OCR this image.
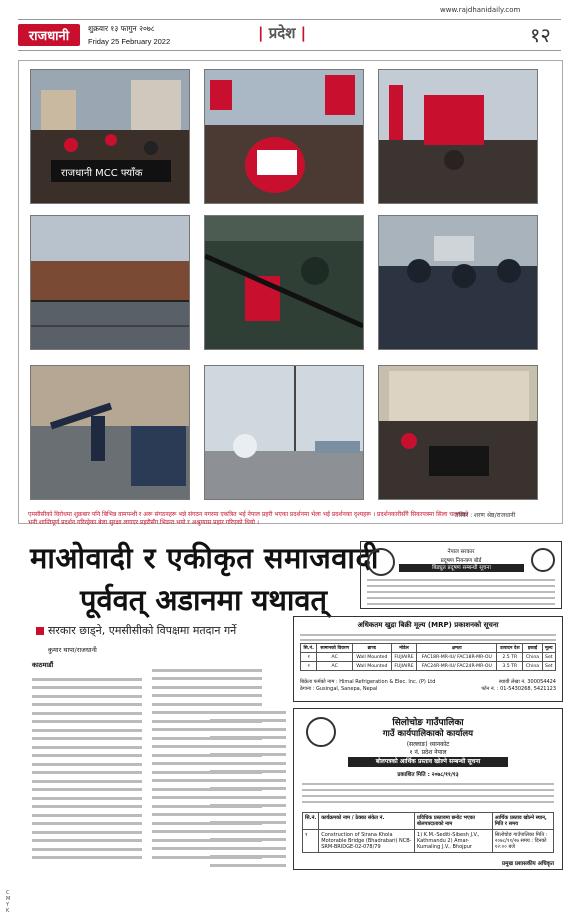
www.rajdhanidaily.com
राजधानी
शुक्रवार १३ फागुन २०७८
Friday 25 February 2022	| प्रदेश |	१२
राजधानी MCC फ्याँक
एमसीसीको विरोधमा शुक्रबार पनि बिभिन्न वामपन्थी र अरू संगठनहरू भन्ने संगठन नगरमा एकत्रित भई नेपाल प्रहरी भएका प्रदर्शनमा भेला भई प्रदर्शनका दृश्यहरू । प्रदर्शनकारीसँगै सिकापत्रमा सिला चलाएको भनी शान्तिपूर्ण प्रदर्शन गरिरहेका बेला सुरक्षा लगाएर प्रहरीसँग भिडन्त भयो र अश्रुग्यास प्रहार गरिएको थियो ।
तस्बिर : शरण श्रेष्ठ/राजधानी
माओवादी र एकीकृत समाजवादी
पूर्ववत् अडानमा यथावत्
सरकार छाड्ने, एमसीसीको विपक्षमा मतदान गर्ने
कुमार थापा/राजधानी
काठमाडौं
नेपाल सरकार
प्रदूषण नियन्त्रण बोर्ड
बिड्युत प्रदूषण सम्बन्धी सूचना
अधिकतम खुद्रा बिक्री मूल्य (MRP) प्रकाशनको सूचना
सि.नं.	सामानको विवरण	ब्राण्ड	मोडेल	क्षमता	उत्पादन देश	इकाई	मूल्य
१	AC	Wall Mounted	FUJIAIRE	FAC18R-MR-IU/ FAC18R-MR-OU	2.5 TR	China	Set
२	AC	Wall Mounted	FUJIAIRE	FAC24R-MR-IU/ FAC24R-MR-OU	3.5 TR	China	Set
बिक्रेता फर्मको नाम : Himal Refrigeration & Elec. Inc. (P) Ltd
ठेगाना : Gusingal, Sanepa, Nepal
स्थायी लेखा नं. 300054424
फोन नं. : 01-5430268, 5421123
सिलोचोङ गाउँपालिका
गाउँ कार्यपालिकाको कार्यालय
(सल्लाङ) ध्यानकोट
१ नं. प्रदेश नेपाल
बोलपत्रको आर्थिक प्रस्ताव खोल्ने सम्बन्धी सूचना
प्रकाशित मिति : २०७८/११/१३
सि.नं.	कार्यक्रमको नाम / ठेक्का संकेत नं.	प्रविधिक प्रस्तावमा छनोट भएका बोलपत्रदाताको नाम	आर्थिक प्रस्ताव खोल्ने स्थान, मिति र समय
१	Construction of Sirana Khola Motorable Bridge (Bhadrabari) NCB-SRM-BRIDGE-02-078/79	1) K.M.-Sediti-Sibesh J.V., Kathmandu 2) Amar-Kumaling J.V., Bhojpur	सिलोचोङ गाउँपालिका मिति : २०७८/११/२७ समय : दिनको १२:०० बजे
प्रमुख प्रशासकीय अधिकृत
C
M
Y
K
